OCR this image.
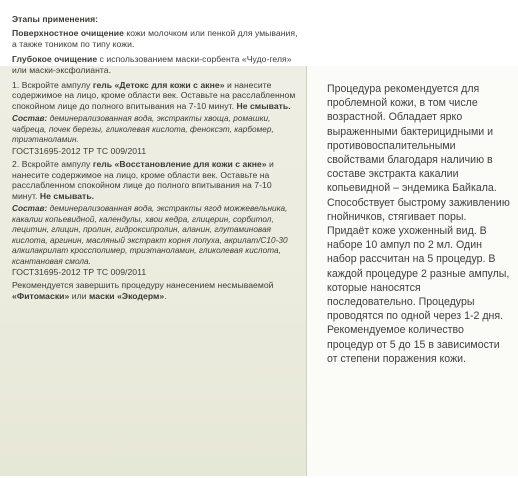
Этапы применения:

Поверхностное очищение кожи молочком или пенкой для умывания, а также тоником по типу кожи.

Глубокое очищение с использованием маски-сорбента «Чудо-геля» или маски-эксфолианта.

1. Вскройте ампулу гель «Детокс для кожи с акне» и нанесите содержимое на лицо, кроме области век. Оставьте на расслабленном спокойном лице до полного впитывания на 7-10 минут. Не смывать.

Состав: деминерализованная вода, экстракты хвоща, ромашки, чабреца, почек березы, гликолевая кислота, феноксэт, карбомер, триэтаноламин.

ГОСТ31695-2012 ТР ТС 009/2011

2. Вскройте ампулу гель «Восстановление для кожи с акне» и нанесите содержимое на лицо, кроме области век. Оставьте на расслабленном спокойном лице до полного впитывания на 7-10 минут. Не смывать.

Состав: деминерализованная вода, экстракты ягод можжевельника, какалии копьевидной, календулы, хвои кедра, глицерин, сорбитол, лецитин, глицин, пролин, гидроксипролин, аланин, глутаминовая кислота, аргинин, масляный экстракт корня лопуха, акрилат/С10-30 алкилакрилат кроссполимер, триэтаноламин, гликолевая кислота, ксантановая смола.

ГОСТ31695-2012 ТР ТС 009/2011

Рекомендуется завершить процедуру нанесением несмываемой «Фитомаски» или маски «Экодерм».

Процедура рекомендуется для проблемной кожи, в том числе возрастной. Обладает ярко выраженными бактерицидными и противовоспалительными свойствами благодаря наличию в составе экстракта какалии копьевидной – эндемика Байкала. Способствует быстрому заживлению гнойничков, стягивает поры. Придаёт коже ухоженный вид. В наборе 10 ампул по 2 мл. Один набор рассчитан на 5 процедур. В каждой процедуре 2 разные ампулы, которые наносятся последовательно. Процедуры проводятся по одной через 1-2 дня. Рекомендуемое количество процедур от 5 до 15 в зависимости от степени поражения кожи.
